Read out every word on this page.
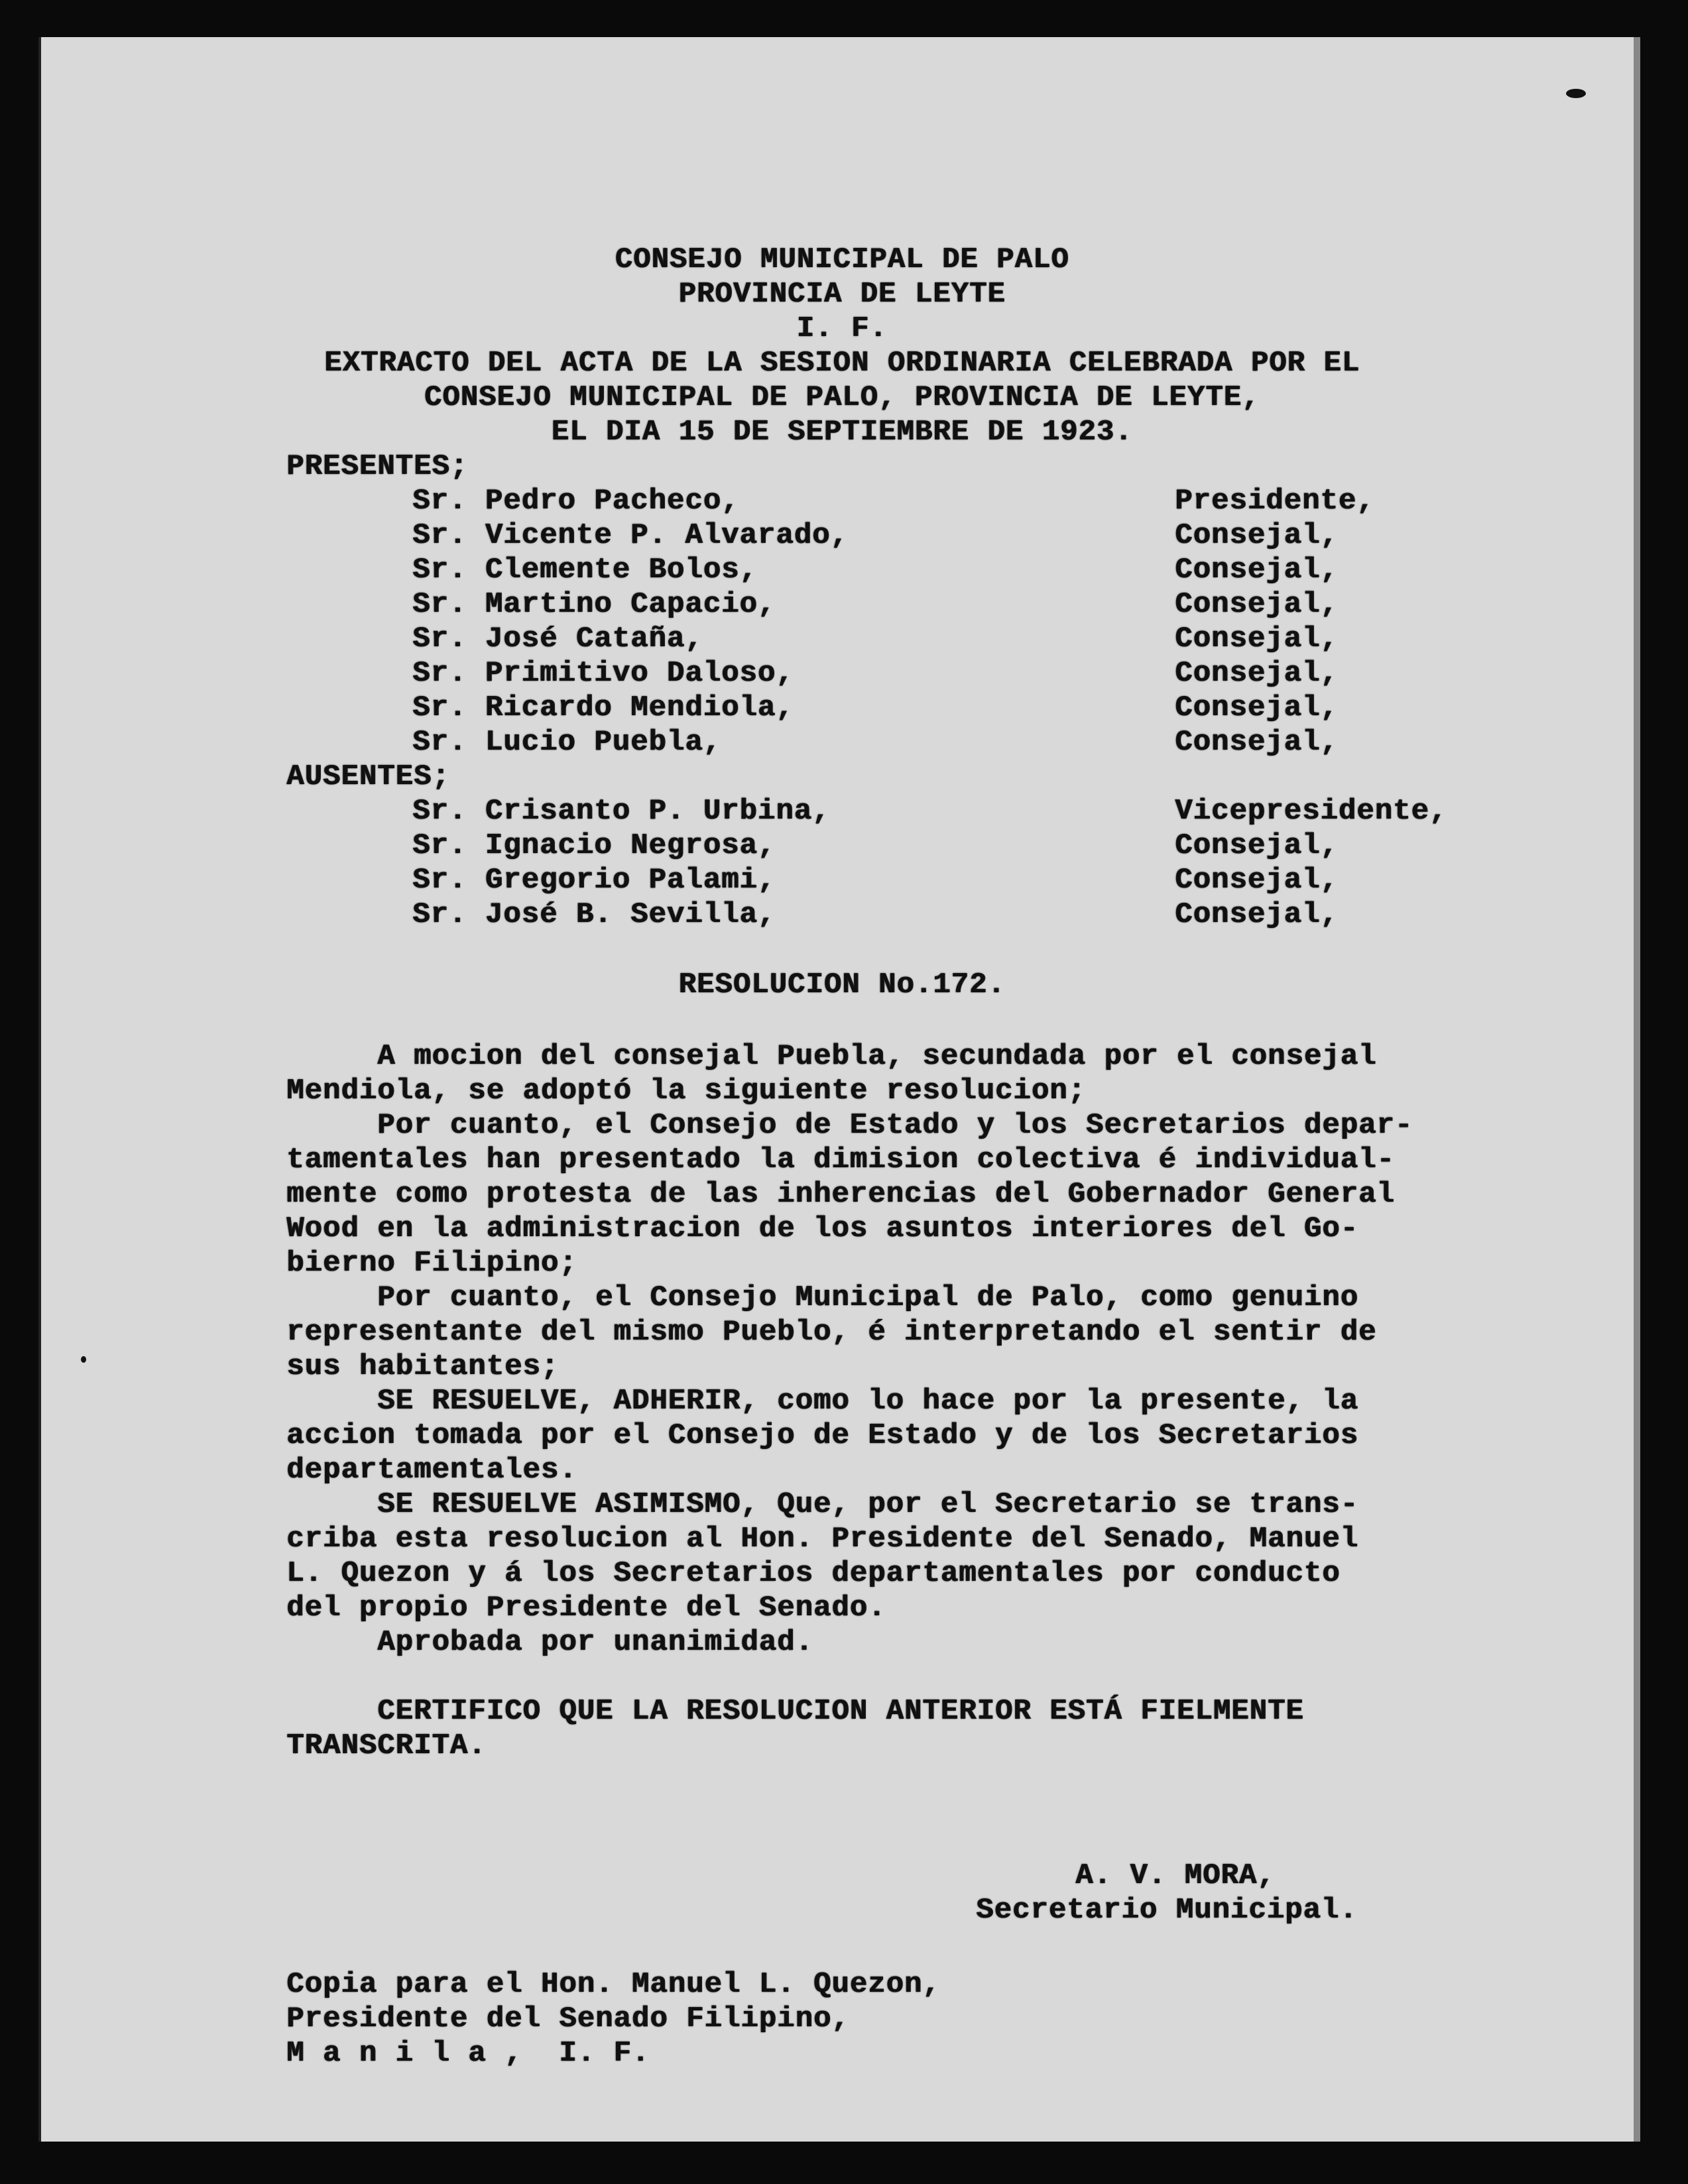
CONSEJO MUNICIPAL DE PALO

PROVINCIA DE LEYTE

I. F.

EXTRACTO DEL ACTA DE LA SESION ORDINARIA CELEBRADA POR EL

CONSEJO MUNICIPAL DE PALO, PROVINCIA DE LEYTE,

EL DIA 15 DE SEPTIEMBRE DE 1923.

PRESENTES;

Sr. Pedro Pacheco,	Presidente,
Sr. Vicente P. Alvarado,	Consejal,
Sr. Clemente Bolos,	Consejal,
Sr. Martino Capacio,	Consejal,
Sr. José Cataña,	Consejal,
Sr. Primitivo Daloso,	Consejal,
Sr. Ricardo Mendiola,	Consejal,
Sr. Lucio Puebla,	Consejal,

AUSENTES;

Sr. Crisanto P. Urbina,	Vicepresidente,
Sr. Ignacio Negrosa,	Consejal,
Sr. Gregorio Palami,	Consejal,
Sr. José B. Sevilla,	Consejal,

RESOLUCION No.172.

A mocion del consejal Puebla, secundada por el consejal

Mendiola, se adoptó la siguiente resolucion;

Por cuanto, el Consejo de Estado y los Secretarios depar-

tamentales han presentado la dimision colectiva é individual-

mente como protesta de las inherencias del Gobernador General

Wood en la administracion de los asuntos interiores del Go-

bierno Filipino;

Por cuanto, el Consejo Municipal de Palo, como genuino

representante del mismo Pueblo, é interpretando el sentir de

sus habitantes;

SE RESUELVE, ADHERIR, como lo hace por la presente, la

accion tomada por el Consejo de Estado y de los Secretarios

departamentales.

SE RESUELVE ASIMISMO, Que, por el Secretario se trans-

criba esta resolucion al Hon. Presidente del Senado, Manuel

L. Quezon y á los Secretarios departamentales por conducto

del propio Presidente del Senado.

Aprobada por unanimidad.

CERTIFICO QUE LA RESOLUCION ANTERIOR ESTÁ FIELMENTE

TRANSCRITA.

A. V. MORA,

Secretario Municipal.

Copia para el Hon. Manuel L. Quezon,

Presidente del Senado Filipino,

M a n i l a ,  I. F.
